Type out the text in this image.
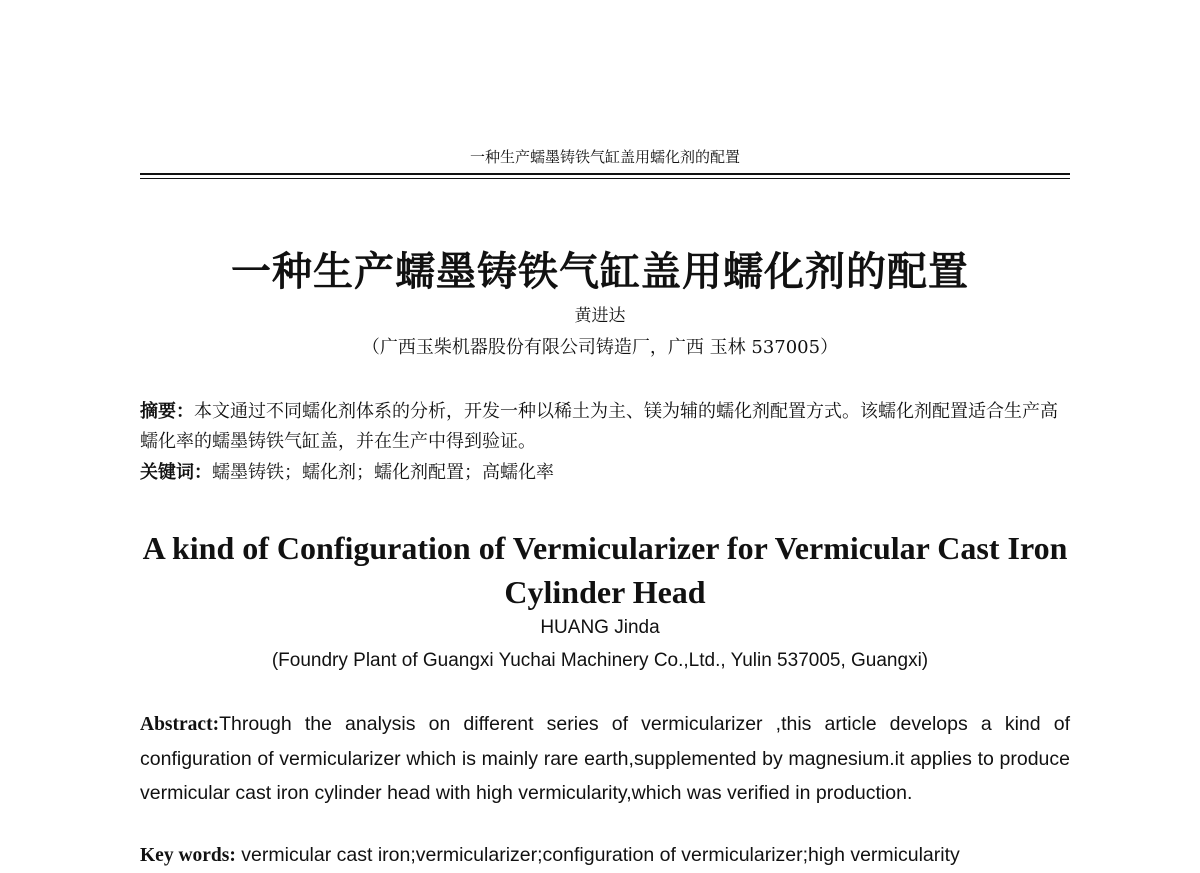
一种生产蠕墨铸铁气缸盖用蠕化剂的配置
一种生产蠕墨铸铁气缸盖用蠕化剂的配置
黄进达
（广西玉柴机器股份有限公司铸造厂，广西 玉林 537005）
摘要：本文通过不同蠕化剂体系的分析，开发一种以稀土为主、镁为辅的蠕化剂配置方式。该蠕化剂配置适合生产高蠕化率的蠕墨铸铁气缸盖，并在生产中得到验证。
关键词：蠕墨铸铁；蠕化剂；蠕化剂配置；高蠕化率
A kind of Configuration of Vermicularizer for Vermicular Cast Iron Cylinder Head
HUANG Jinda
(Foundry Plant of Guangxi Yuchai Machinery Co.,Ltd., Yulin 537005, Guangxi)
Abstract:Through the analysis on different series of vermicularizer ,this article develops a kind of configuration of vermicularizer which is mainly rare earth,supplemented by magnesium.it applies to produce vermicular cast iron cylinder head with high vermicularity,which was verified in production.
Key words: vermicular cast iron;vermicularizer;configuration of vermicularizer;high vermicularity
